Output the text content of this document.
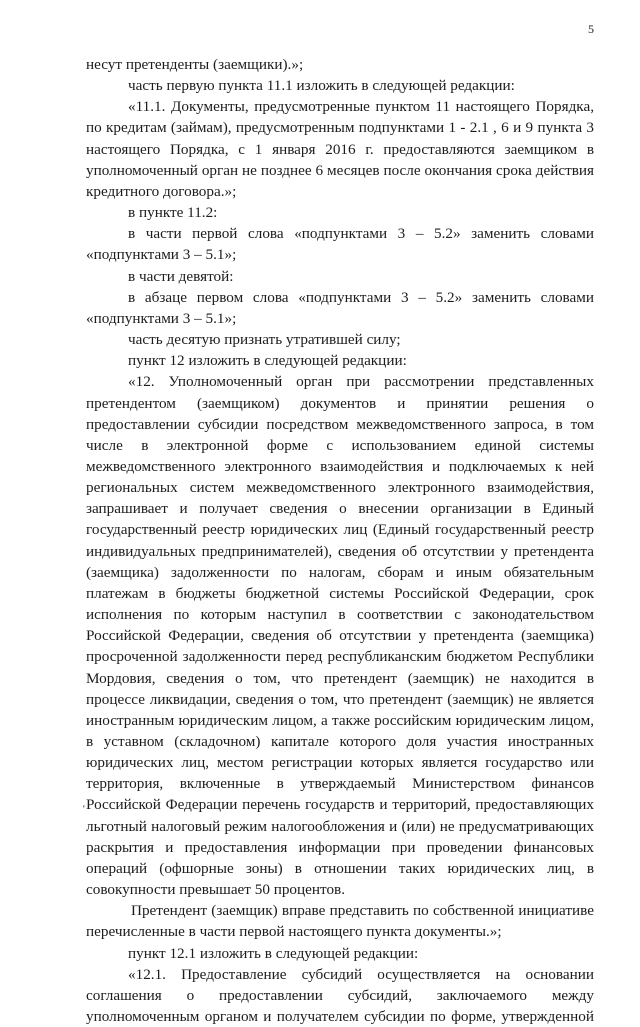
5

несут претенденты (заемщики).»;

часть первую пункта 11.1 изложить в следующей редакции:

«11.1. Документы, предусмотренные пунктом 11 настоящего Порядка, по кредитам (займам), предусмотренным подпунктами 1 - 2.1 , 6 и 9 пункта 3 настоящего Порядка, с 1 января 2016 г. предоставляются заемщиком в уполномоченный орган не позднее 6 месяцев после окончания срока действия кредитного договора.»;

в пункте 11.2:

в части первой слова «подпунктами 3 – 5.2» заменить словами «подпунктами 3 – 5.1»;

в части девятой:

в абзаце первом слова «подпунктами 3 – 5.2» заменить словами «подпунктами 3 – 5.1»;

часть десятую признать утратившей силу;

пункт 12 изложить в следующей редакции:

«12. Уполномоченный орган при рассмотрении представленных претендентом (заемщиком) документов и принятии решения о предоставлении субсидии посредством межведомственного запроса, в том числе в электронной форме с использованием единой системы межведомственного электронного взаимодействия и подключаемых к ней региональных систем межведомственного электронного взаимодействия, запрашивает и получает сведения о внесении организации в Единый государственный реестр юридических лиц (Единый государственный реестр индивидуальных предпринимателей), сведения об отсутствии у претендента (заемщика) задолженности по налогам, сборам и иным обязательным платежам в бюджеты бюджетной системы Российской Федерации, срок исполнения по которым наступил в соответствии с законодательством Российской Федерации, сведения об отсутствии у претендента (заемщика) просроченной задолженности перед республиканским бюджетом Республики Мордовия, сведения о том, что претендент (заемщик) не находится в процессе ликвидации, сведения о том, что претендент (заемщик) не является иностранным юридическим лицом, а также российским юридическим лицом, в уставном (складочном) капитале которого доля участия иностранных юридических лиц, местом регистрации которых является государство или территория, включенные в утверждаемый Министерством финансов Российской Федерации перечень государств и территорий, предоставляющих льготный налоговый режим налогообложения и (или) не предусматривающих раскрытия и предоставления информации при проведении финансовых операций (офшорные зоны) в отношении таких юридических лиц, в совокупности превышает 50 процентов.

Претендент (заемщик) вправе представить по собственной инициативе перечисленные в части первой настоящего пункта документы.»;

пункт 12.1 изложить в следующей редакции:

«12.1. Предоставление субсидий осуществляется на основании соглашения о предоставлении субсидий, заключаемого между уполномоченным органом и получателем субсидии по форме, утвержденной

ʻ
